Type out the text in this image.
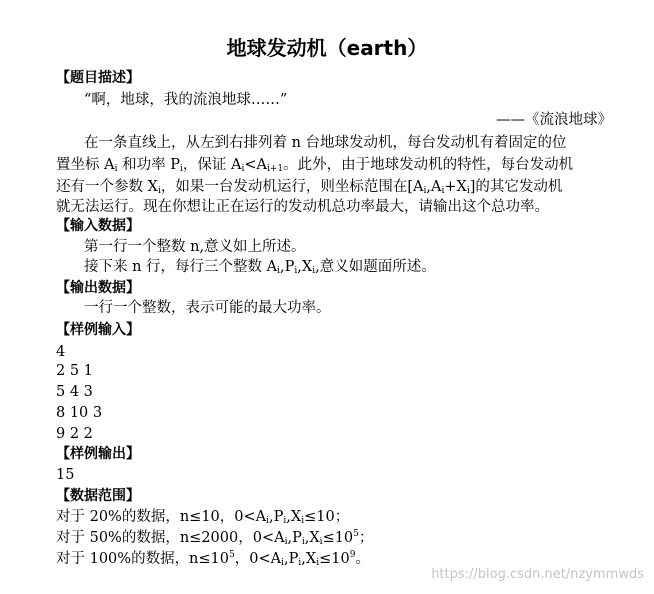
地球发动机（earth）
【题目描述】
“啊，地球，我的流浪地球……”
——《流浪地球》
在一条直线上，从左到右排列着 n 台地球发动机，每台发动机有着固定的位
置坐标 $A_i$ 和功率 $P_i$，保证 $A_i<A_{i+1}$。此外，由于地球发动机的特性，每台发动机
还有一个参数 $X_i$，如果一台发动机运行，则坐标范围在$[A_i,A_i+X_i]$的其它发动机
就无法运行。现在你想让正在运行的发动机总功率最大，请输出这个总功率。
【输入数据】
第一行一个整数 n,意义如上所述。
接下来 n 行，每行三个整数 $A_i,P_i,X_i$,意义如题面所述。
【输出数据】
一行一个整数，表示可能的最大功率。
【样例输入】
4
2 5 1
5 4 3
8 10 3
9 2 2
【样例输出】
15
【数据范围】
对于 20%的数据，n≤10，$0<A_i,P_i,X_i\le 10$；
对于 50%的数据，n≤2000，$0<A_i,P_i,X_i\le 10^5$；
对于 100%的数据，$n\le 10^5$，$0<A_i,P_i,X_i\le 10^9$。
https://blog.csdn.net/nzymmwds
